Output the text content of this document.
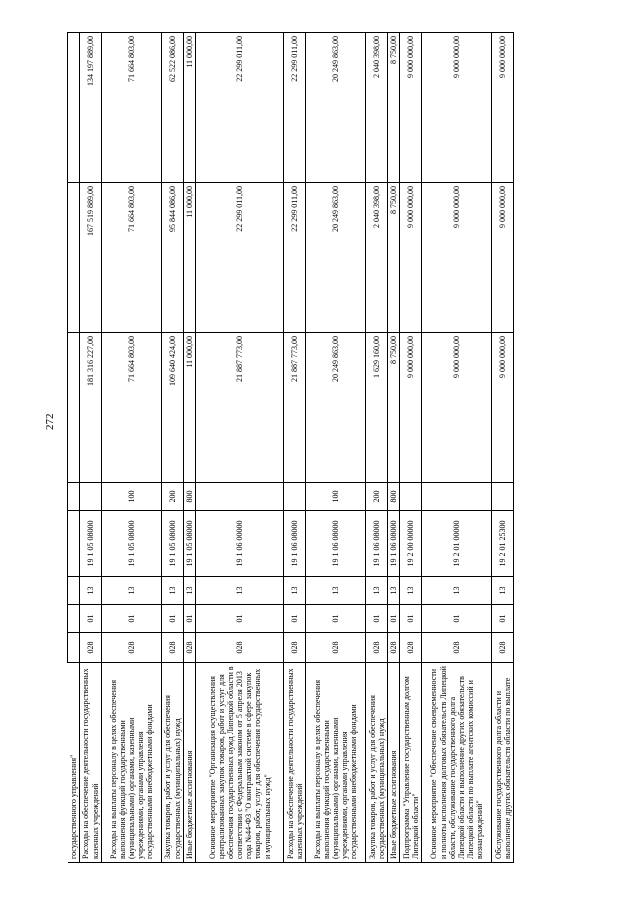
272
государственного управления"								
Расходы на обеспечение деятельности государственных казенных учреждений	028	01	13	19 1 05 08000		181 316 227,00	167 519 889,00	134 197 889,00
Расходы на выплаты персоналу в целях обеспечения выполнения функций государственными (муниципальными) органами, казенными учреждениями, органами управления государственными внебюджетными фондами	028	01	13	19 1 05 08000	100	71 664 803,00	71 664 803,00	71 664 803,00
Закупка товаров, работ и услуг для обеспечения государственных (муниципальных) нужд	028	01	13	19 1 05 08000	200	109 640 424,00	95 844 086,00	62 522 086,00
Иные бюджетные ассигнования	028	01	13	19 1 05 08000	800	11 000,00	11 000,00	11 000,00
Основное мероприятие "Организация осуществления централизованных закупок товаров, работ и услуг для обеспечения государственных нужд Липецкой области в соответствии с Федеральным законом от 5 апреля 2013 года №44-ФЗ "О контрактной системе в сфере закупок товаров, работ, услуг для обеспечения государственных и муниципальных нужд"	028	01	13	19 1 06 00000		21 887 773,00	22 299 011,00	22 299 011,00
Расходы на обеспечение деятельности государственных казенных учреждений	028	01	13	19 1 06 08000		21 887 773,00	22 299 011,00	22 299 011,00
Расходы на выплаты персоналу в целях обеспечения выполнения функций государственными (муниципальными) органами, казенными учреждениями, органами управления государственными внебюджетными фондами	028	01	13	19 1 06 08000	100	20 249 863,00	20 249 863,00	20 249 863,00
Закупка товаров, работ и услуг для обеспечения государственных (муниципальных) нужд	028	01	13	19 1 06 08000	200	1 629 160,00	2 040 398,00	2 040 398,00
Иные бюджетные ассигнования	028	01	13	19 1 06 08000	800	8 750,00	8 750,00	8 750,00
Подпрограмма "Управление государственным долгом Липецкой области"	028	01	13	19 2 00 00000		9 000 000,00	9 000 000,00	9 000 000,00
Основное мероприятие "Обеспечение своевременности и полноты исполнения долговых обязательств Липецкой области, обслуживание государственного долга Липецкой области и выполнение других обязательств Липецкой области по выплате агентских комиссий и вознаграждений"	028	01	13	19 2 01 00000		9 000 000,00	9 000 000,00	9 000 000,00
Обслуживание государственного долга области и выполнение других обязательств области по выплате	028	01	13	19 2 01 25300		9 000 000,00	9 000 000,00	9 000 000,00
